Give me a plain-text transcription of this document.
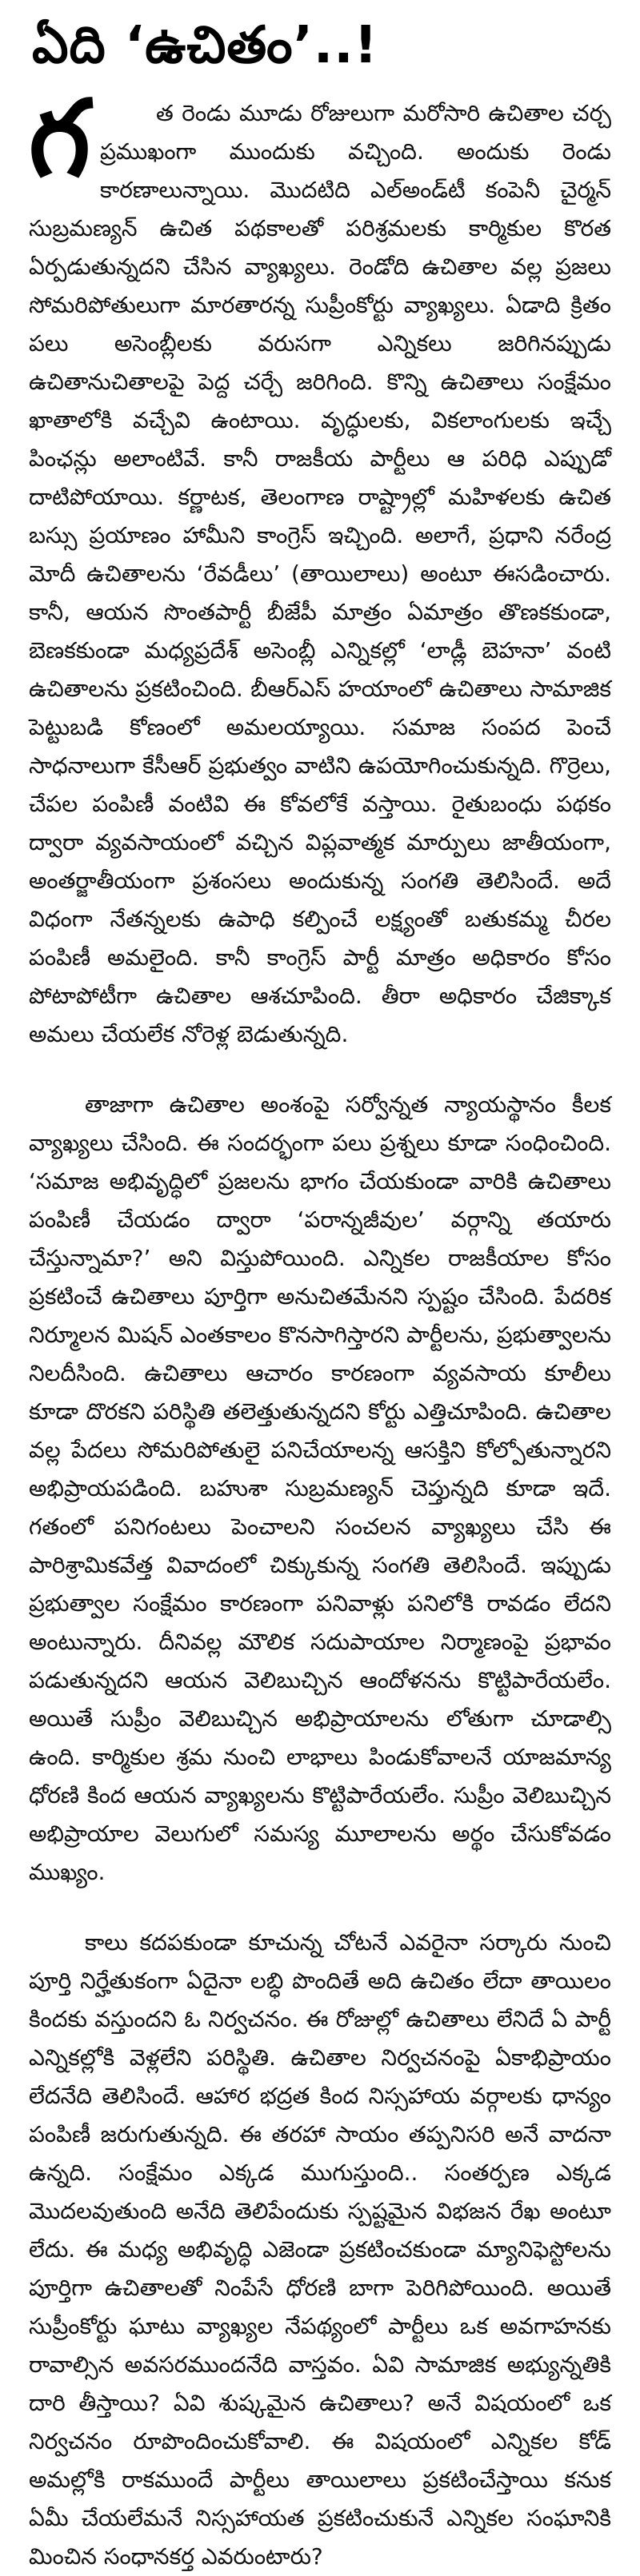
ఏది ‘ఉచితం’..!

గ	త రెండు మూడు రోజులుగా మరోసారి ఉచితాల చర్చ ప్రముఖంగా ముందుకు వచ్చింది. అందుకు రెండు కారణాలున్నాయి. మొదటిది ఎల్అండ్‌టీ కంపెనీ చైర్మన్ సుబ్రమణ్యన్ ఉచిత పథకాలతో పరిశ్రమలకు కార్మికుల కొరత ఏర్పడుతున్నదని చేసిన వ్యాఖ్యలు. రెండోది ఉచితాల వల్ల ప్రజలు సోమరిపోతులుగా మారతారన్న సుప్రీంకోర్టు వ్యాఖ్యలు. ఏడాది క్రితం పలు అసెంబ్లీలకు వరుసగా ఎన్నికలు జరిగినప్పుడు ఉచితానుచితాలపై పెద్ద చర్చే జరిగింది. కొన్ని ఉచితాలు సంక్షేమం ఖాతాలోకి వచ్చేవి ఉంటాయి. వృద్ధులకు, వికలాంగులకు ఇచ్చే పింఛన్లు అలాంటివే. కానీ రాజకీయ పార్టీలు ఆ పరిధి ఎప్పుడో దాటిపోయాయి. కర్ణాటక, తెలంగాణ రాష్ట్రాల్లో మహిళలకు ఉచిత బస్సు ప్రయాణం హామీని కాంగ్రెస్ ఇచ్చింది. అలాగే, ప్రధాని నరేంద్ర మోదీ ఉచితాలను ‘రేవడీలు’ (తాయిలాలు) అంటూ ఈసడించారు. కానీ, ఆయన సొంతపార్టీ బీజేపీ మాత్రం ఏమాత్రం తొణకకుండా, బెణకకుండా మధ్యప్రదేశ్ అసెంబ్లీ ఎన్నికల్లో ‘లాడ్లీ బెహనా’ వంటి ఉచితాలను ప్రకటించింది. బీఆర్ఎస్ హయాంలో ఉచితాలు సామాజిక పెట్టుబడి కోణంలో అమలయ్యాయి. సమాజ సంపద పెంచే సాధనాలుగా కేసీఆర్ ప్రభుత్వం వాటిని ఉపయోగించుకున్నది. గొర్రెలు, చేపల పంపిణీ వంటివి ఈ కోవలోకే వస్తాయి. రైతుబంధు పథకం ద్వారా వ్యవసాయంలో వచ్చిన విప్లవాత్మక మార్పులు జాతీయంగా, అంతర్జాతీయంగా ప్రశంసలు అందుకున్న సంగతి తెలిసిందే. అదే విధంగా నేతన్నలకు ఉపాధి కల్పించే లక్ష్యంతో బతుకమ్మ చీరల పంపిణీ అమలైంది. కానీ కాంగ్రెస్ పార్టీ మాత్రం అధికారం కోసం పోటాపోటీగా ఉచితాల ఆశచూపింది. తీరా అధికారం చేజిక్కాక అమలు చేయలేక నోరెళ్ల బెడుతున్నది.

తాజాగా ఉచితాల అంశంపై సర్వోన్నత న్యాయస్థానం కీలక వ్యాఖ్యలు చేసింది. ఈ సందర్భంగా పలు ప్రశ్నలు కూడా సంధించింది. ‘సమాజ అభివృద్ధిలో ప్రజలను భాగం చేయకుండా వారికి ఉచితాలు పంపిణీ చేయడం ద్వారా ‘పరాన్నజీవుల’ వర్గాన్ని తయారు చేస్తున్నామా?’ అని విస్తుపోయింది. ఎన్నికల రాజకీయాల కోసం ప్రకటించే ఉచితాలు పూర్తిగా అనుచితమేనని స్పష్టం చేసింది. పేదరిక నిర్మూలన మిషన్ ఎంతకాలం కొనసాగిస్తారని పార్టీలను, ప్రభుత్వాలను నిలదీసింది. ఉచితాలు ఆచారం కారణంగా వ్యవసాయ కూలీలు కూడా దొరకని పరిస్థితి తలెత్తుతున్నదని కోర్టు ఎత్తిచూపింది. ఉచితాల వల్ల పేదలు సోమరిపోతులై పనిచేయాలన్న ఆసక్తిని కోల్పోతున్నారని అభిప్రాయపడింది. బహుశా సుబ్రమణ్యన్ చెప్తున్నది కూడా ఇదే. గతంలో పనిగంటలు పెంచాలని సంచలన వ్యాఖ్యలు చేసి ఈ పారిశ్రామికవేత్త వివాదంలో చిక్కుకున్న సంగతి తెలిసిందే. ఇప్పుడు ప్రభుత్వాల సంక్షేమం కారణంగా పనివాళ్లు పనిలోకి రావడం లేదని అంటున్నారు. దీనివల్ల మౌలిక సదుపాయాల నిర్మాణంపై ప్రభావం పడుతున్నదని ఆయన వెలిబుచ్చిన ఆందోళనను కొట్టిపారేయలేం. అయితే సుప్రీం వెలిబుచ్చిన అభిప్రాయాలను లోతుగా చూడాల్సి ఉంది. కార్మికుల శ్రమ నుంచి లాభాలు పిండుకోవాలనే యాజమాన్య ధోరణి కింద ఆయన వ్యాఖ్యలను కొట్టిపారేయలేం. సుప్రీం వెలిబుచ్చిన అభిప్రాయాల వెలుగులో సమస్య మూలాలను అర్థం చేసుకోవడం ముఖ్యం.

కాలు కదపకుండా కూచున్న చోటనే ఎవరైనా సర్కారు నుంచి పూర్తి నిర్హేతుకంగా ఏదైనా లబ్ధి పొందితే అది ఉచితం లేదా తాయిలం కిందకు వస్తుందని ఓ నిర్వచనం. ఈ రోజుల్లో ఉచితాలు లేనిదే ఏ పార్టీ ఎన్నికల్లోకి వెళ్లలేని పరిస్థితి. ఉచితాల నిర్వచనంపై ఏకాభిప్రాయం లేదనేది తెలిసిందే. ఆహార భద్రత కింద నిస్సహాయ వర్గాలకు ధాన్యం పంపిణీ జరుగుతున్నది. ఈ తరహా సాయం తప్పనిసరి అనే వాదనా ఉన్నది. సంక్షేమం ఎక్కడ ముగుస్తుంది.. సంతర్పణ ఎక్కడ మొదలవుతుంది అనేది తెలిపేందుకు స్పష్టమైన విభజన రేఖ అంటూ లేదు. ఈ మధ్య అభివృద్ధి ఎజెండా ప్రకటించకుండా మ్యానిఫెస్టోలను పూర్తిగా ఉచితాలతో నింపేసే ధోరణి బాగా పెరిగిపోయింది. అయితే సుప్రీంకోర్టు ఘాటు వ్యాఖ్యల నేపథ్యంలో పార్టీలు ఒక అవగాహనకు రావాల్సిన అవసరముందనేది వాస్తవం. ఏవి సామాజిక అభ్యున్నతికి దారి తీస్తాయి? ఏవి శుష్కమైన ఉచితాలు? అనే విషయంలో ఒక నిర్వచనం రూపొందించుకోవాలి. ఈ విషయంలో ఎన్నికల కోడ్ అమల్లోకి రాకముందే పార్టీలు తాయిలాలు ప్రకటించేస్తాయి కనుక ఏమీ చేయలేమనే నిస్సహాయత ప్రకటించుకునే ఎన్నికల సంఘానికి మించిన సంధానకర్త ఎవరుంటారు?
